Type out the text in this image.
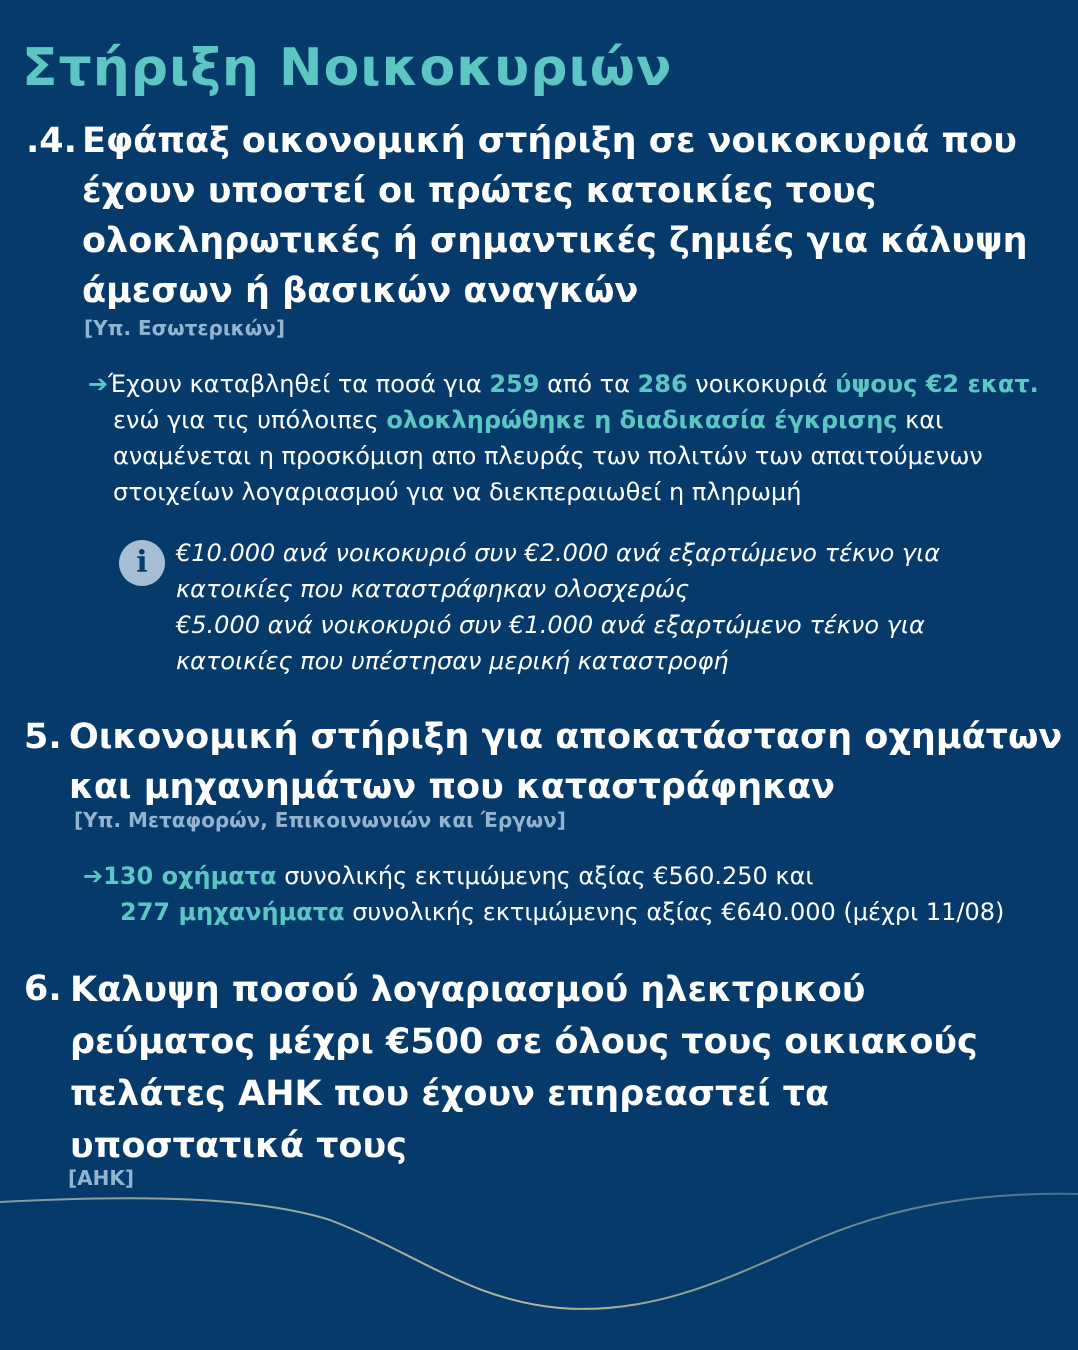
Στήριξη Νοικοκυριών
.4. Εφάπαξ οικονομική στήριξη σε νοικοκυριά που
έχουν υποστεί οι πρώτες κατοικίες τους
ολοκληρωτικές ή σημαντικές ζημιές για κάλυψη
άμεσων ή βασικών αναγκών
[Υπ. Εσωτερικών]
➔Έχουν καταβληθεί τα ποσά για 259 από τα 286 νοικοκυριά ύψους €2 εκατ.
ενώ για τις υπόλοιπες ολοκληρώθηκε η διαδικασία έγκρισης και
αναμένεται η προσκόμιση απο πλευράς των πολιτών των απαιτούμενων
στοιχείων λογαριασμού για να διεκπεραιωθεί η πληρωμή
i	€10.000 ανά νοικοκυριό συν €2.000 ανά εξαρτώμενο τέκνο για
κατοικίες που καταστράφηκαν ολοσχερώς
€5.000 ανά νοικοκυριό συν €1.000 ανά εξαρτώμενο τέκνο για
κατοικίες που υπέστησαν μερική καταστροφή
5. Οικονομική στήριξη για αποκατάσταση οχημάτων
και μηχανημάτων που καταστράφηκαν
[Υπ. Μεταφορών, Επικοινωνιών και Έργων]
➔130 οχήματα συνολικής εκτιμώμενης αξίας €560.250 και
277 μηχανήματα συνολικής εκτιμώμενης αξίας €640.000 (μέχρι 11/08)
6. Καλυψη ποσού λογαριασμού ηλεκτρικού
ρεύματος μέχρι €500 σε όλους τους οικιακούς
πελάτες ΑΗΚ που έχουν επηρεαστεί τα
υποστατικά τους
[ΑΗΚ]
